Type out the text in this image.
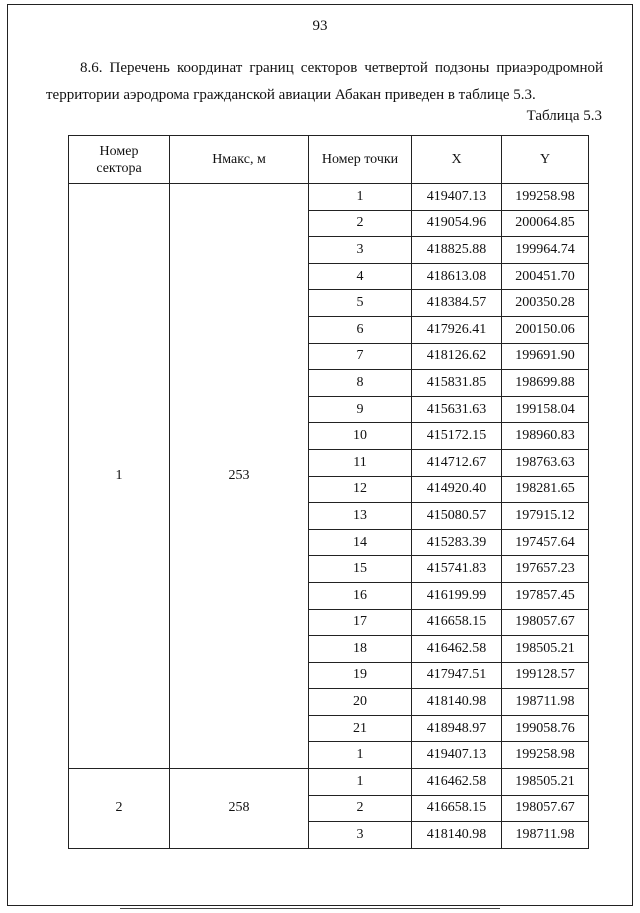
93

8.6. Перечень координат границ секторов четвертой подзоны приаэродромной
территории аэродрома гражданской авиации Абакан приведен в таблице 5.3.

Таблица 5.3
Номер
сектора	Нмакс, м	Номер точки	X	Y
1	253	1	419407.13	199258.98
		2	419054.96	200064.85
		3	418825.88	199964.74
		4	418613.08	200451.70
		5	418384.57	200350.28
		6	417926.41	200150.06
		7	418126.62	199691.90
		8	415831.85	198699.88
		9	415631.63	199158.04
		10	415172.15	198960.83
		11	414712.67	198763.63
		12	414920.40	198281.65
		13	415080.57	197915.12
		14	415283.39	197457.64
		15	415741.83	197657.23
		16	416199.99	197857.45
		17	416658.15	198057.67
		18	416462.58	198505.21
		19	417947.51	199128.57
		20	418140.98	198711.98
		21	418948.97	199058.76
		1	419407.13	199258.98
2	258	1	416462.58	198505.21
		2	416658.15	198057.67
		3	418140.98	198711.98
